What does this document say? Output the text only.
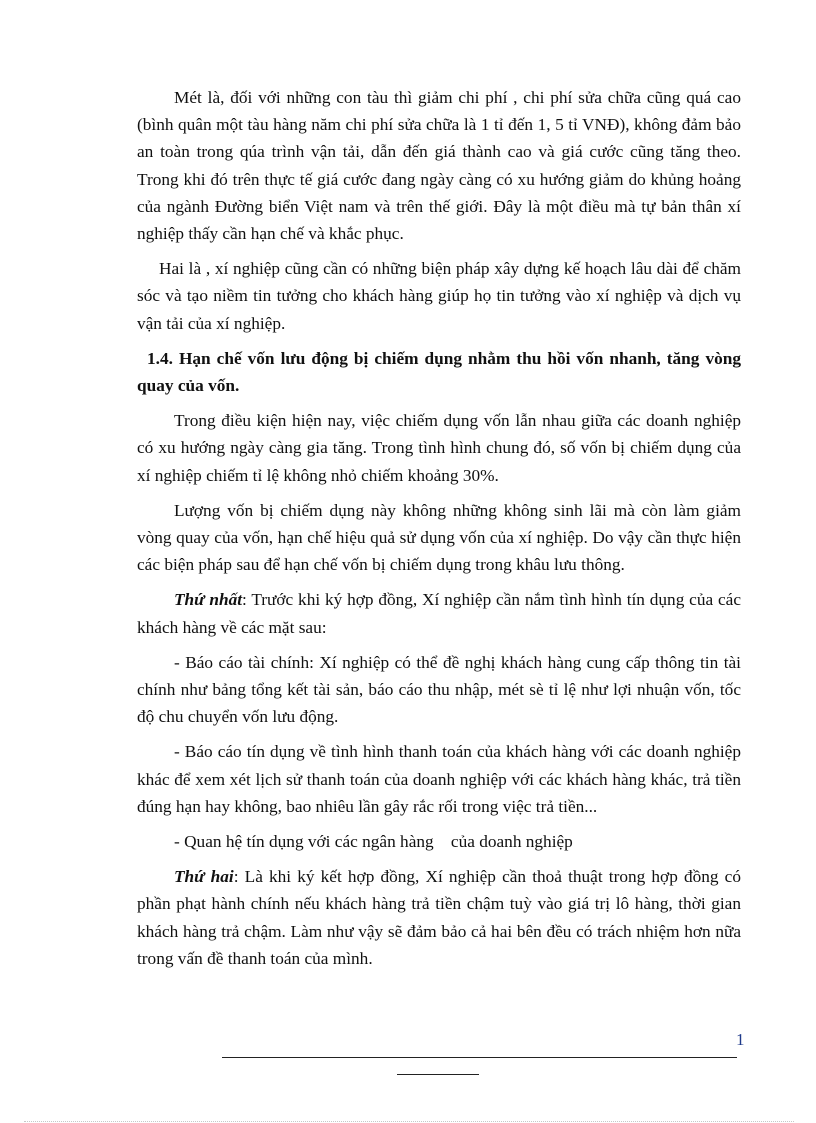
Mét là, đối với những con tàu thì giảm chi phí , chi phí sửa chữa cũng quá cao (bình quân một tàu hàng năm chi phí sửa chữa là 1 tỉ đến 1, 5 tỉ VNĐ), không đảm bảo an toàn trong qúa trình vận tải, dẫn đến giá thành cao và giá cước cũng tăng theo. Trong khi đó trên thực tế giá cước đang ngày càng có xu hướng giảm do khủng hoảng của ngành Đường biển Việt nam và trên thế giới. Đây là một điều mà tự bản thân xí nghiệp thấy cần hạn chế và khắc phục.

Hai là , xí nghiệp cũng cần có những biện pháp xây dựng kế hoạch lâu dài để chăm sóc và tạo niềm tin tưởng cho khách hàng giúp họ tin tưởng vào xí nghiệp và dịch vụ vận tải của xí nghiệp.

1.4. Hạn chế vốn lưu động bị chiếm dụng nhằm thu hồi vốn nhanh, tăng vòng quay của vốn.

Trong điều kiện hiện nay, việc chiếm dụng vốn lẫn nhau giữa các doanh nghiệp có xu hướng ngày càng gia tăng. Trong tình hình chung đó, số vốn bị chiếm dụng của xí nghiệp chiếm tỉ lệ không nhỏ chiếm khoảng 30%.

Lượng vốn bị chiếm dụng này không những không sinh lãi mà còn làm giảm vòng quay của vốn, hạn chế hiệu quả sử dụng vốn của xí nghiệp. Do vậy cần thực hiện các biện pháp sau để hạn chế vốn bị chiếm dụng trong khâu lưu thông.

Thứ nhất: Trước khi ký hợp đồng, Xí nghiệp cần nắm tình hình tín dụng của các khách hàng về các mặt sau:

- Báo cáo tài chính: Xí nghiệp có thể đề nghị khách hàng cung cấp thông tin tài chính như bảng tổng kết tài sản, báo cáo thu nhập, mét sè tỉ lệ như lợi nhuận vốn, tốc độ chu chuyển vốn lưu động.

- Báo cáo tín dụng về tình hình thanh toán của khách hàng với các doanh nghiệp khác để xem xét lịch sử thanh toán của doanh nghiệp với các khách hàng khác, trả tiền đúng hạn hay không, bao nhiêu lần gây rắc rối trong việc trả tiền...

- Quan hệ tín dụng với các ngân hàng    của doanh nghiệp

Thứ hai: Là khi ký kết hợp đồng, Xí nghiệp cần thoả thuật trong hợp đồng có phần phạt hành chính nếu khách hàng trả tiền chậm tuỳ vào giá trị lô hàng, thời gian khách hàng trả chậm. Làm như vậy sẽ đảm bảo cả hai bên đều có trách nhiệm hơn nữa trong vấn đề thanh toán của mình.

1
